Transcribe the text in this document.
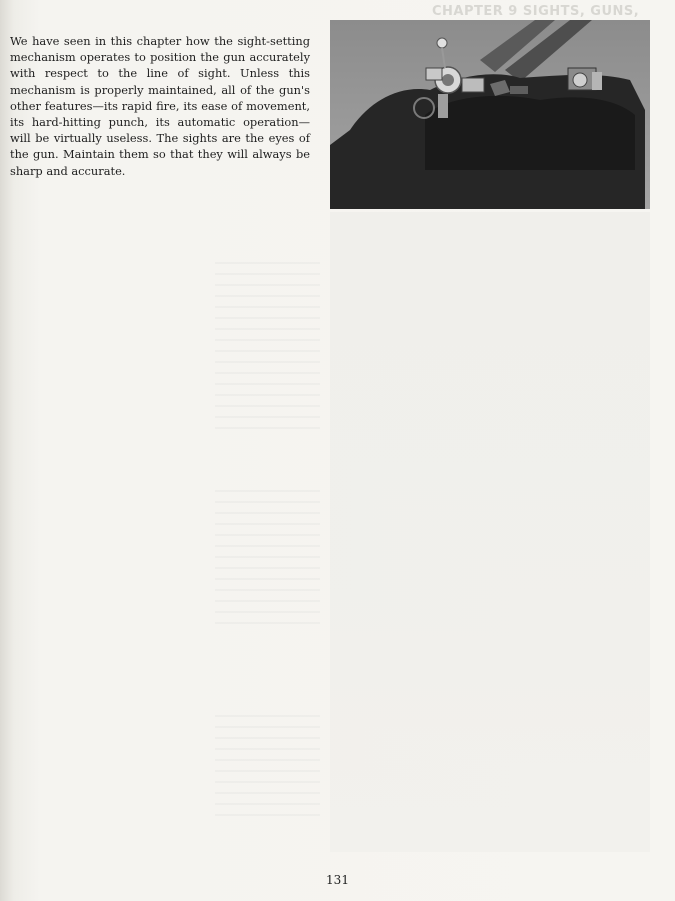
CHAPTER 9 SIGHTS, GUNS,

We have seen in this chapter how the sight-setting mechanism operates to position the gun accurately with respect to the line of sight. Unless this mechanism is properly maintained, all of the gun's other features—its rapid fire, its ease of movement, its hard-hitting punch, its automatic operation—will be virtually useless. The sights are the eyes of the gun. Maintain them so that they will always be sharp and accurate.

131
